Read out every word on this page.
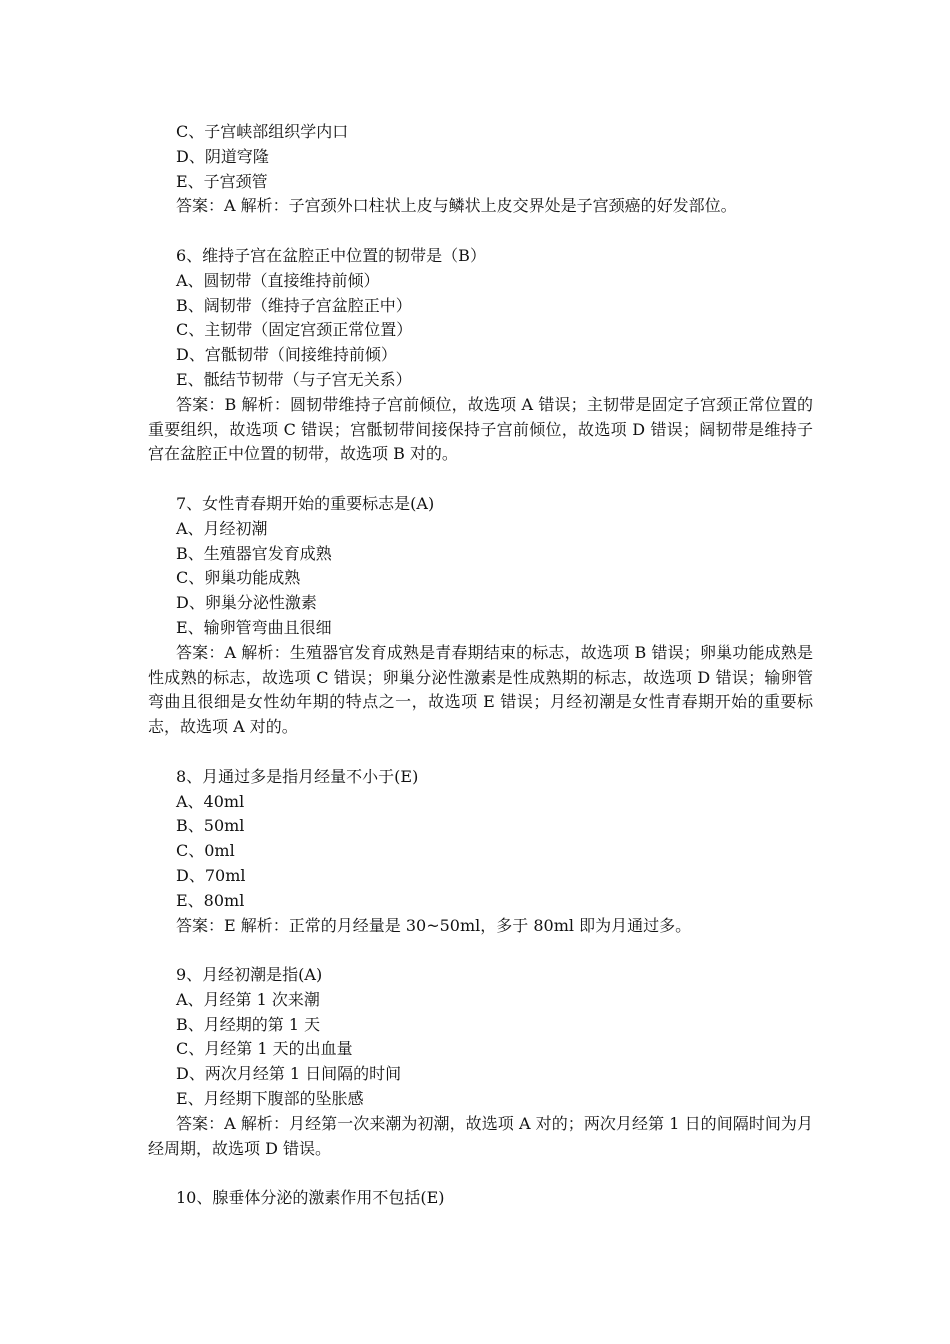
C、子宫峡部组织学内口

D、阴道穹隆

E、子宫颈管

答案：A 解析：子宫颈外口柱状上皮与鳞状上皮交界处是子宫颈癌的好发部位。

6、维持子宫在盆腔正中位置的韧带是（B）

A、圆韧带（直接维持前倾）

B、阔韧带（维持子宫盆腔正中）

C、主韧带（固定宫颈正常位置）

D、宫骶韧带（间接维持前倾）

E、骶结节韧带（与子宫无关系）

答案：B 解析：圆韧带维持子宫前倾位，故选项 A 错误；主韧带是固定子宫颈正常位置的重要组织，故选项 C 错误；宫骶韧带间接保持子宫前倾位，故选项 D 错误；阔韧带是维持子宫在盆腔正中位置的韧带，故选项 B 对的。

7、女性青春期开始的重要标志是(A)

A、月经初潮

B、生殖器官发育成熟

C、卵巢功能成熟

D、卵巢分泌性激素

E、输卵管弯曲且很细

答案：A 解析：生殖器官发育成熟是青春期结束的标志，故选项 B 错误；卵巢功能成熟是性成熟的标志，故选项 C 错误；卵巢分泌性激素是性成熟期的标志，故选项 D 错误；输卵管弯曲且很细是女性幼年期的特点之一，故选项 E 错误；月经初潮是女性青春期开始的重要标志，故选项 A 对的。

8、月通过多是指月经量不小于(E)

A、40ml

B、50ml

C、0ml

D、70ml

E、80ml

答案：E 解析：正常的月经量是 30~50ml，多于 80ml 即为月通过多。

9、月经初潮是指(A)

A、月经第 1 次来潮

B、月经期的第 1 天

C、月经第 1 天的出血量

D、两次月经第 1 日间隔的时间

E、月经期下腹部的坠胀感

答案：A 解析：月经第一次来潮为初潮，故选项 A 对的；两次月经第 1 日的间隔时间为月经周期，故选项 D 错误。

10、腺垂体分泌的激素作用不包括(E)
